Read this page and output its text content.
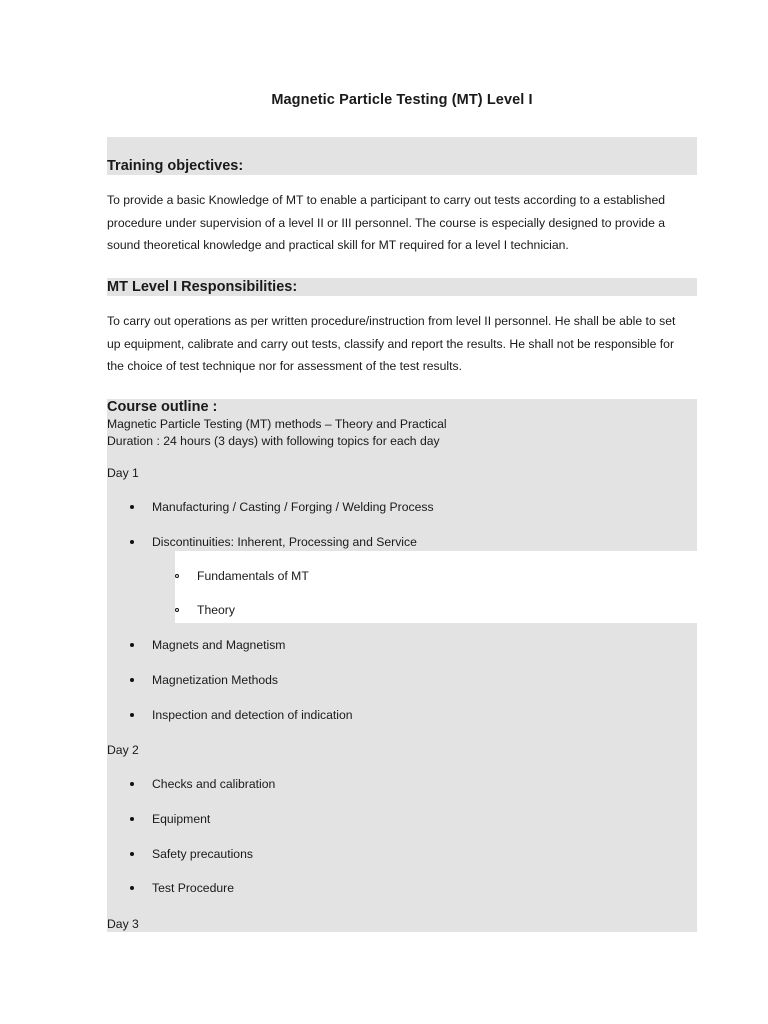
Magnetic Particle Testing (MT) Level I
Training objectives:
To provide a basic Knowledge of MT to enable a participant to carry out tests according to a established
procedure under supervision of a level II or III personnel. The course is especially designed to provide a
sound theoretical knowledge and practical skill for MT required for a level I technician.
MT Level I Responsibilities:
To carry out operations as per written procedure/instruction from level II personnel. He shall be able to set
up equipment, calibrate and carry out tests, classify and report the results. He shall not be responsible for
the choice of test technique nor for assessment of the test results.
Course outline :
Magnetic Particle Testing (MT) methods – Theory and Practical
Duration : 24 hours (3 days) with following topics for each day
Day 1
Manufacturing / Casting / Forging / Welding Process
Discontinuities: Inherent, Processing and Service
Fundamentals of MT
Theory
Magnets and Magnetism
Magnetization Methods
Inspection and detection of indication
Day 2
Checks and calibration
Equipment
Safety precautions
Test Procedure
Day 3
